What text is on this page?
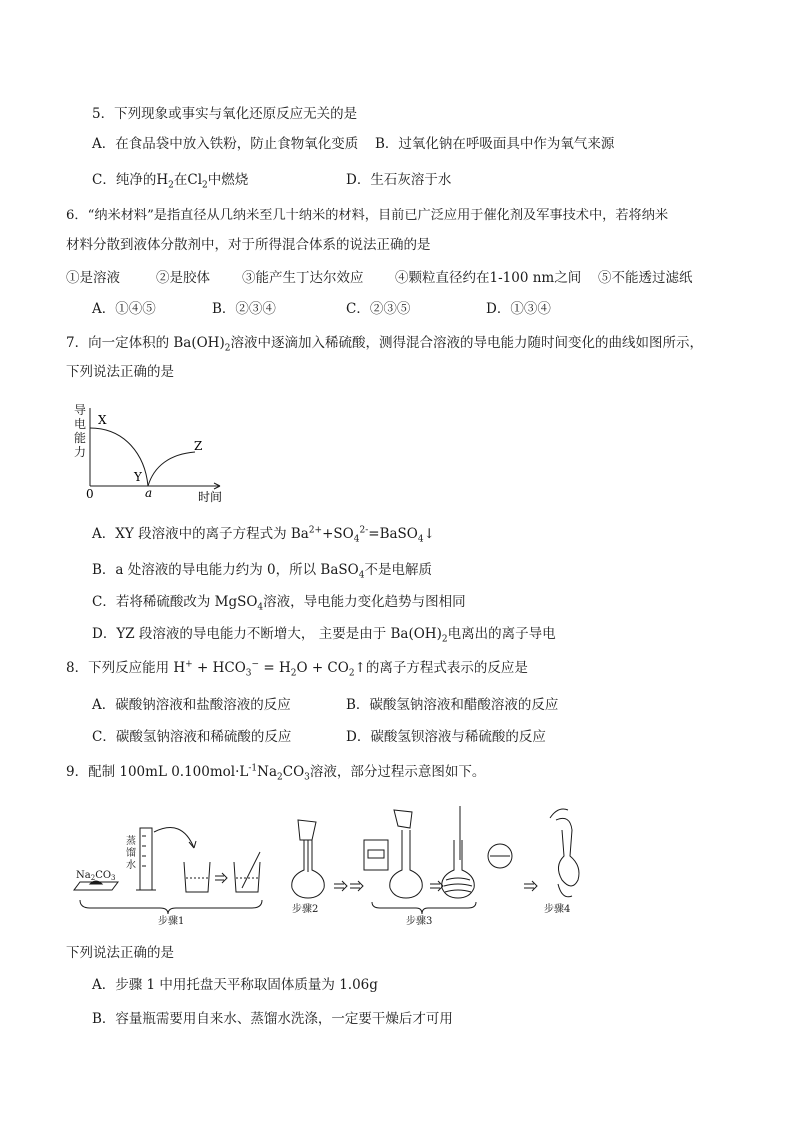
5．下列现象或事实与氧化还原反应无关的是
A．在食品袋中放入铁粉，防止食物氧化变质 B．过氧化钠在呼吸面具中作为氧气来源
C．纯净的$H_2$在$Cl_2$中燃烧	D．生石灰溶于水
6．“纳米材料”是指直径从几纳米至几十纳米的材料，目前已广泛应用于催化剂及军事技术中，若将纳米
材料分散到液体分散剂中，对于所得混合体系的说法正确的是
①是溶液	②是胶体 ③能产生丁达尔效应 ④颗粒直径约在1-100 nm之间 ⑤不能透过滤纸
A．①④⑤	B．②③④	C．②③⑤	D．①③④
7．向一定体积的 $Ba(OH)_2$溶液中逐滴加入稀硫酸，测得混合溶液的导电能力随时间变化的曲线如图所示，
下列说法正确的是
导
电
能
力
X
Y
Z
a
0	时间
A．XY 段溶液中的离子方程式为 $Ba^{2+}+SO_4^{2-}=BaSO_4↓$
B．a 处溶液的导电能力约为 0，所以 BaSO$_4$不是电解质
C．若将稀硫酸改为 MgSO$_4$溶液，导电能力变化趋势与图相同
D．YZ 段溶液的导电能力不断增大， 主要是由于 $Ba(OH)_2$电离出的离子导电
8．下列反应能用 $H^+ + HCO_3^- = H_2O$ + $CO_2↑$的离子方程式表示的反应是
A．碳酸钠溶液和盐酸溶液的反应	B．碳酸氢钠溶液和醋酸溶液的反应
C．碳酸氢钠溶液和稀硫酸的反应	D．碳酸氢钡溶液与稀硫酸的反应
9．配制 100mL $0.100mol\cdot L^{-1}Na_2CO_3$溶液，部分过程示意图如下。
$Na_2CO_3$
蒸
馏
水
步骤1
步骤2
步骤3
步骤4
下列说法正确的是
A．步骤 1 中用托盘天平称取固体质量为 1.06g
B．容量瓶需要用自来水、蒸馏水洗涤，一定要干燥后才可用
